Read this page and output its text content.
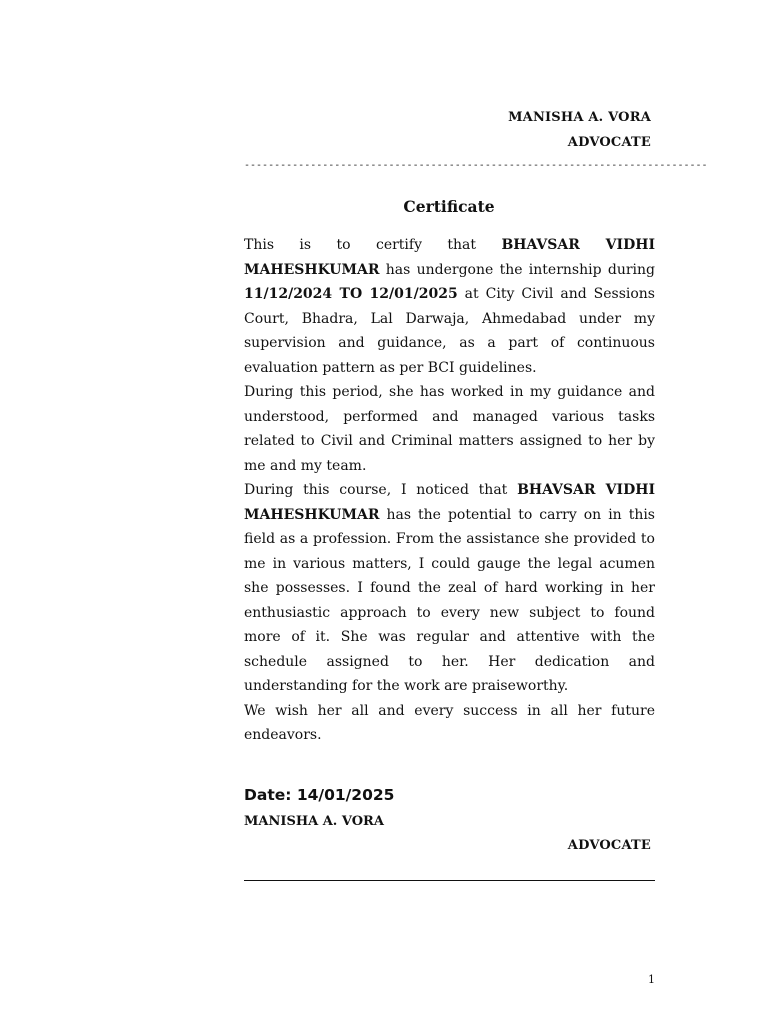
MANISHA A. VORA
ADVOCATE
-----------------------------------------------------------------------------
Certificate

This is to certify that BHAVSAR VIDHI MAHESHKUMAR has undergone the internship during 11/12/2024 TO 12/01/2025 at City Civil and Sessions Court, Bhadra, Lal Darwaja, Ahmedabad under my supervision and guidance, as a part of continuous evaluation pattern as per BCI guidelines.

During this period, she has worked in my guidance and understood, performed and managed various tasks related to Civil and Criminal matters assigned to her by me and my team.

During this course, I noticed that BHAVSAR VIDHI MAHESHKUMAR has the potential to carry on in this field as a profession. From the assistance she provided to me in various matters, I could gauge the legal acumen she possesses. I found the zeal of hard working in her enthusiastic approach to every new subject to found more of it. She was regular and attentive with the schedule assigned to her. Her dedication and understanding for the work are praiseworthy.

We wish her all and every success in all her future endeavors.

Date: 14/01/2025
MANISHA A. VORA
ADVOCATE
1
